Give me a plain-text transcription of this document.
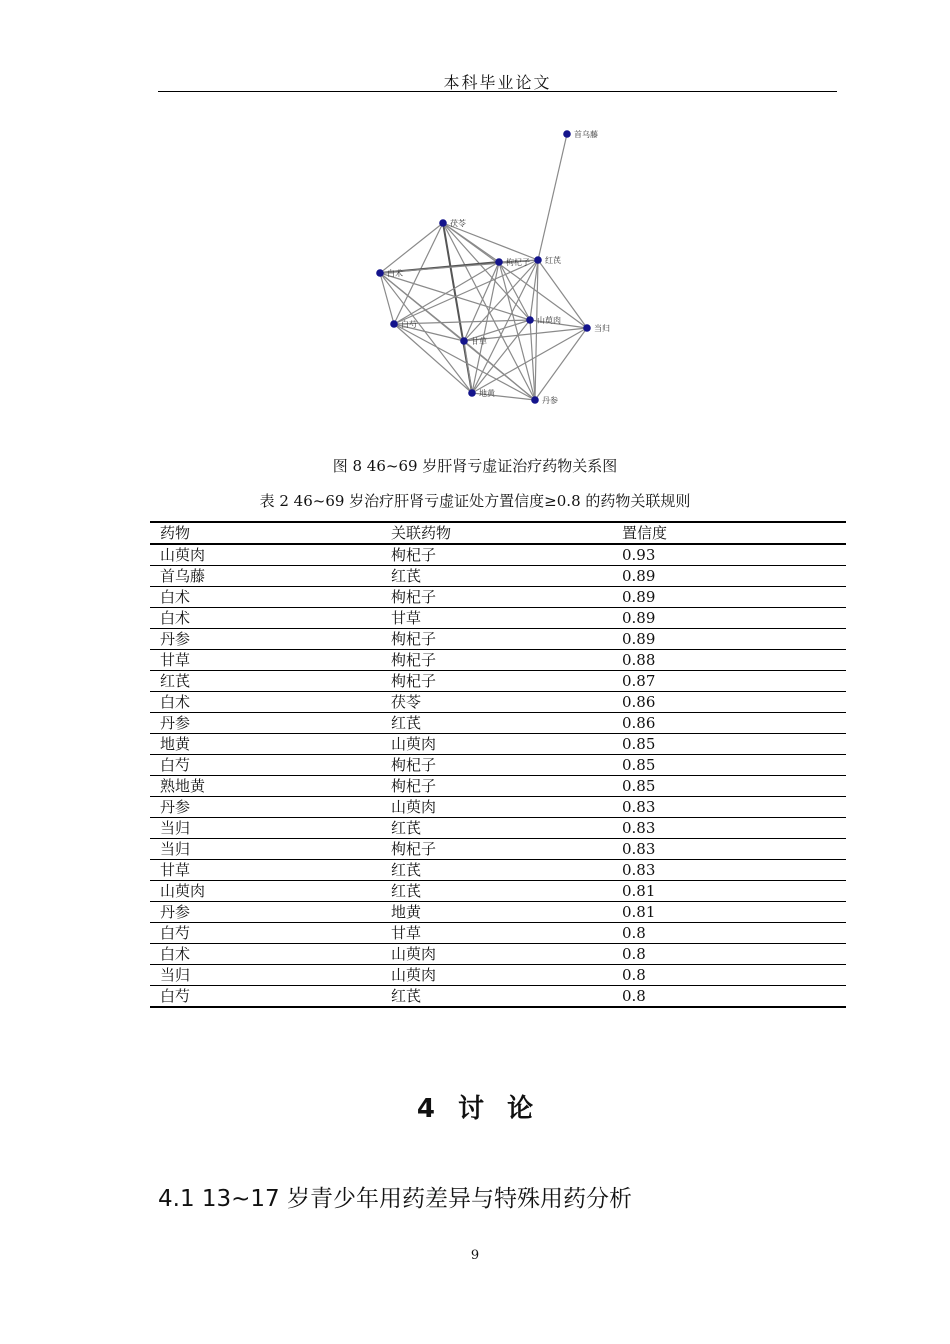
本科毕业论文
首乌藤
茯苓
枸杞子 红芪
白术
山萸肉
当归
白芍
甘草
地黄
丹参
图 8 46~69 岁肝肾亏虚证治疗药物关系图
表 2 46~69 岁治疗肝肾亏虚证处方置信度≥0.8 的药物关联规则
药物	关联药物	置信度
山萸肉	枸杞子	0.93
首乌藤	红芪	0.89
白术	枸杞子	0.89
白术	甘草	0.89
丹参	枸杞子	0.89
甘草	枸杞子	0.88
红芪	枸杞子	0.87
白术	茯苓	0.86
丹参	红芪	0.86
地黄	山萸肉	0.85
白芍	枸杞子	0.85
熟地黄	枸杞子	0.85
丹参	山萸肉	0.83
当归	红芪	0.83
当归	枸杞子	0.83
甘草	红芪	0.83
山萸肉	红芪	0.81
丹参	地黄	0.81
白芍	甘草	0.8
白术	山萸肉	0.8
当归	山萸肉	0.8
白芍	红芪	0.8
4 讨 论
4.1 13~17 岁青少年用药差异与特殊用药分析
9
